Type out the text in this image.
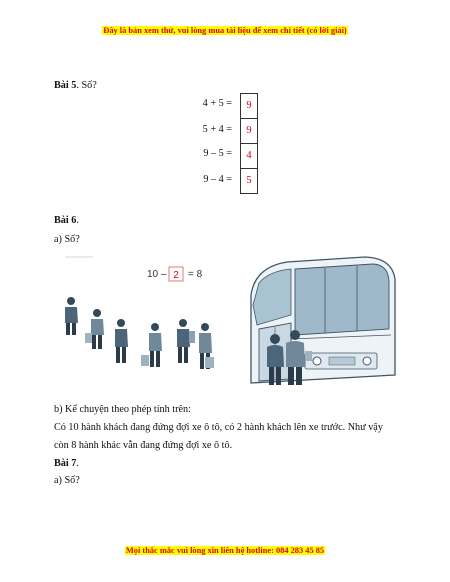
Đây là bản xem thử, vui lòng mua tài liệu để xem chi tiết (có lời giải)
Bài 5. Số?
4 + 5 =
5 + 4 =
9 – 5 =
9 – 4 =
9
9
4
5
Bài 6.
a) Số?
10 – 2 = 8
b) Kể chuyện theo phép tính trên:
Có 10 hành khách đang đứng đợi xe ô tô, có 2 hành khách lên xe trước. Như vậy
còn 8 hành khác vẫn đang đứng đợi xe ô tô.
Bài 7.
a) Số?
Mọi thắc mắc vui lòng xin liên hệ hotline: 084 283 45 85
